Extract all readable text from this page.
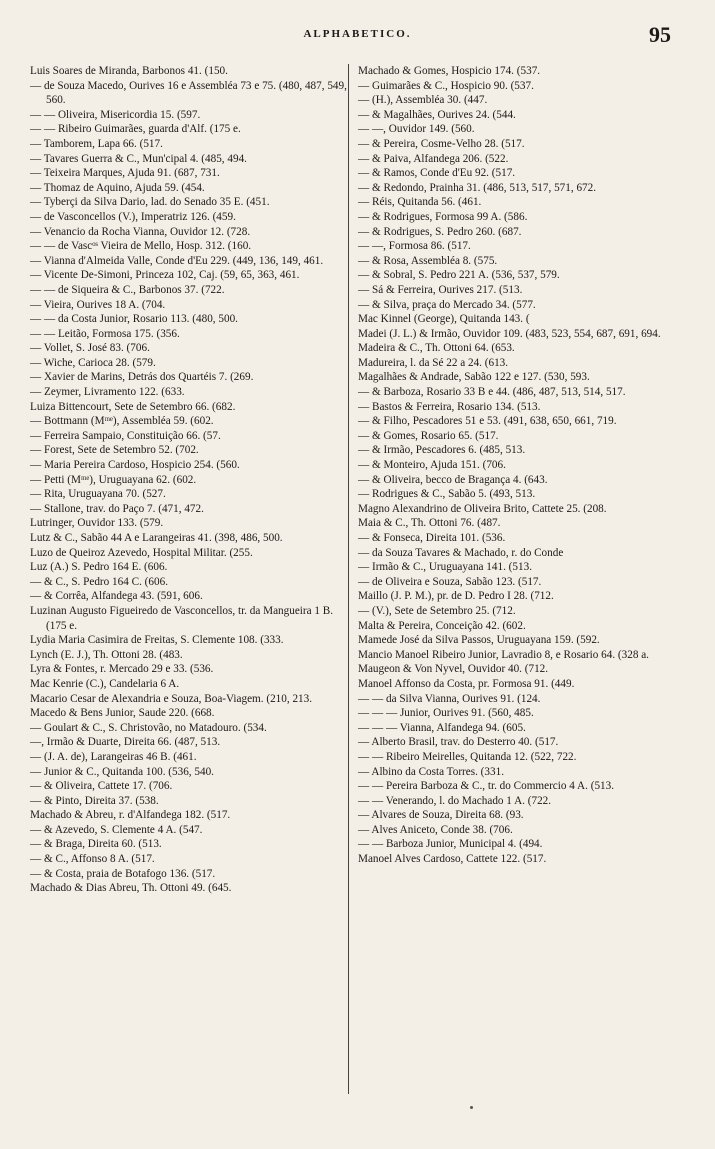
ALPHABETICO.	95
Luis Soares de Miranda, Barbonos 41. (150.
— de Souza Macedo, Ourives 16 e Assembléa 73 e 75. (480, 487, 549, 560.
— — Oliveira, Misericordia 15. (597.
— — Ribeiro Guimarães, guarda d'Alf. (175 e.
— Tamborem, Lapa 66. (517.
— Tavares Guerra & C., Mun'cipal 4. (485, 494.
— Teixeira Marques, Ajuda 91. (687, 731.
— Thomaz de Aquino, Ajuda 59. (454.
— Tyberçi da Silva Dario, lad. do Senado 35 E. (451.
— de Vasconcellos (V.), Imperatriz 126. (459.
— Venancio da Rocha Vianna, Ouvidor 12. (728.
— — de Vascᵒˢ Vieira de Mello, Hosp. 312. (160.
— Vianna d'Almeida Valle, Conde d'Eu 229. (449, 136, 149, 461.
— Vicente De-Simoni, Princeza 102, Caj. (59, 65, 363, 461.
— — de Siqueira & C., Barbonos 37. (722.
— Vieira, Ourives 18 A. (704.
— — da Costa Junior, Rosario 113. (480, 500.
— — Leitão, Formosa 175. (356.
— Vollet, S. José 83. (706.
— Wiche, Carioca 28. (579.
— Xavier de Marins, Detrás dos Quartéis 7. (269.
— Zeymer, Livramento 122. (633.
Luiza Bittencourt, Sete de Setembro 66. (682.
— Bottmann (Mᵐᵉ), Assembléa 59. (602.
— Ferreira Sampaio, Constituição 66. (57.
— Forest, Sete de Setembro 52. (702.
— Maria Pereira Cardoso, Hospicio 254. (560.
— Petti (Mᵐᵉ), Uruguayana 62. (602.
— Rita, Uruguayana 70. (527.
— Stallone, trav. do Paço 7. (471, 472.
Lutringer, Ouvidor 133. (579.
Lutz & C., Sabão 44 A e Larangeiras 41. (398, 486, 500.
Luzo de Queiroz Azevedo, Hospital Militar. (255.
Luz (A.) S. Pedro 164 E. (606.
— & C., S. Pedro 164 C. (606.
— & Corrêa, Alfandega 43. (591, 606.
Luzinan Augusto Figueiredo de Vasconcellos, tr. da Mangueira 1 B. (175 e.
Lydia Maria Casimira de Freitas, S. Clemente 108. (333.
Lynch (E. J.), Th. Ottoni 28. (483.
Lyra & Fontes, r. Mercado 29 e 33. (536.
Mac Kenrie (C.), Candelaria 6 A.
Macario Cesar de Alexandria e Souza, Boa-Viagem. (210, 213.
Macedo & Bens Junior, Saude 220. (668.
— Goulart & C., S. Christovão, no Matadouro. (534.
—, Irmão & Duarte, Direita 66. (487, 513.
— (J. A. de), Larangeiras 46 B. (461.
— Junior & C., Quitanda 100. (536, 540.
— & Oliveira, Cattete 17. (706.
— & Pinto, Direita 37. (538.
Machado & Abreu, r. d'Alfandega 182. (517.
— & Azevedo, S. Clemente 4 A. (547.
— & Braga, Direita 60. (513.
— & C., Affonso 8 A. (517.
— & Costa, praia de Botafogo 136. (517.
Machado & Dias Abreu, Th. Ottoni 49. (645.
Machado & Gomes, Hospicio 174. (537.
— Guimarães & C., Hospicio 90. (537.
— (H.), Assembléa 30. (447.
— & Magalhães, Ourives 24. (544.
— —, Ouvidor 149. (560.
— & Pereira, Cosme-Velho 28. (517.
— & Paiva, Alfandega 206. (522.
— & Ramos, Conde d'Eu 92. (517.
— & Redondo, Prainha 31. (486, 513, 517, 571, 672.
— Réis, Quitanda 56. (461.
— & Rodrigues, Formosa 99 A. (586.
— & Rodrigues, S. Pedro 260. (687.
— —, Formosa 86. (517.
— & Rosa, Assembléa 8. (575.
— & Sobral, S. Pedro 221 A. (536, 537, 579.
— Sá & Ferreira, Ourives 217. (513.
— & Silva, praça do Mercado 34. (577.
Mac Kinnel (George), Quitanda 143. (
Madei (J. L.) & Irmão, Ouvidor 109. (483, 523, 554, 687, 691, 694.
Madeira & C., Th. Ottoni 64. (653.
Madureira, l. da Sé 22 a 24. (613.
Magalhães & Andrade, Sabão 122 e 127. (530, 593.
— & Barboza, Rosario 33 B e 44. (486, 487, 513, 514, 517.
— Bastos & Ferreira, Rosario 134. (513.
— & Filho, Pescadores 51 e 53. (491, 638, 650, 661, 719.
— & Gomes, Rosario 65. (517.
— & Irmão, Pescadores 6. (485, 513.
— & Monteiro, Ajuda 151. (706.
— & Oliveira, becco de Bragança 4. (643.
— Rodrigues & C., Sabão 5. (493, 513.
Magno Alexandrino de Oliveira Brito, Cattete 25. (208.
Maia & C., Th. Ottoni 76. (487.
— & Fonseca, Direita 101. (536.
— da Souza Tavares & Machado, r. do Conde
— Irmão & C., Uruguayana 141. (513.
— de Oliveira e Souza, Sabão 123. (517.
Maillo (J. P. M.), pr. de D. Pedro I 28. (712.
— (V.), Sete de Setembro 25. (712.
Malta & Pereira, Conceição 42. (602.
Mamede José da Silva Passos, Uruguayana 159. (592.
Mancio Manoel Ribeiro Junior, Lavradio 8, e Rosario 64. (328 a.
Maugeon & Von Nyvel, Ouvidor 40. (712.
Manoel Affonso da Costa, pr. Formosa 91. (449.
— — da Silva Vianna, Ourives 91. (124.
— — — Junior, Ourives 91. (560, 485.
— — — Vianna, Alfandega 94. (605.
— Alberto Brasil, trav. do Desterro 40. (517.
— — Ribeiro Meirelles, Quitanda 12. (522, 722.
— Albino da Costa Torres. (331.
— — Pereira Barboza & C., tr. do Commercio 4 A. (513.
— — Venerando, l. do Machado 1 A. (722.
— Alvares de Souza, Direita 68. (93.
— Alves Aniceto, Conde 38. (706.
— — Barboza Junior, Municipal 4. (494.
Manoel Alves Cardoso, Cattete 122. (517.
